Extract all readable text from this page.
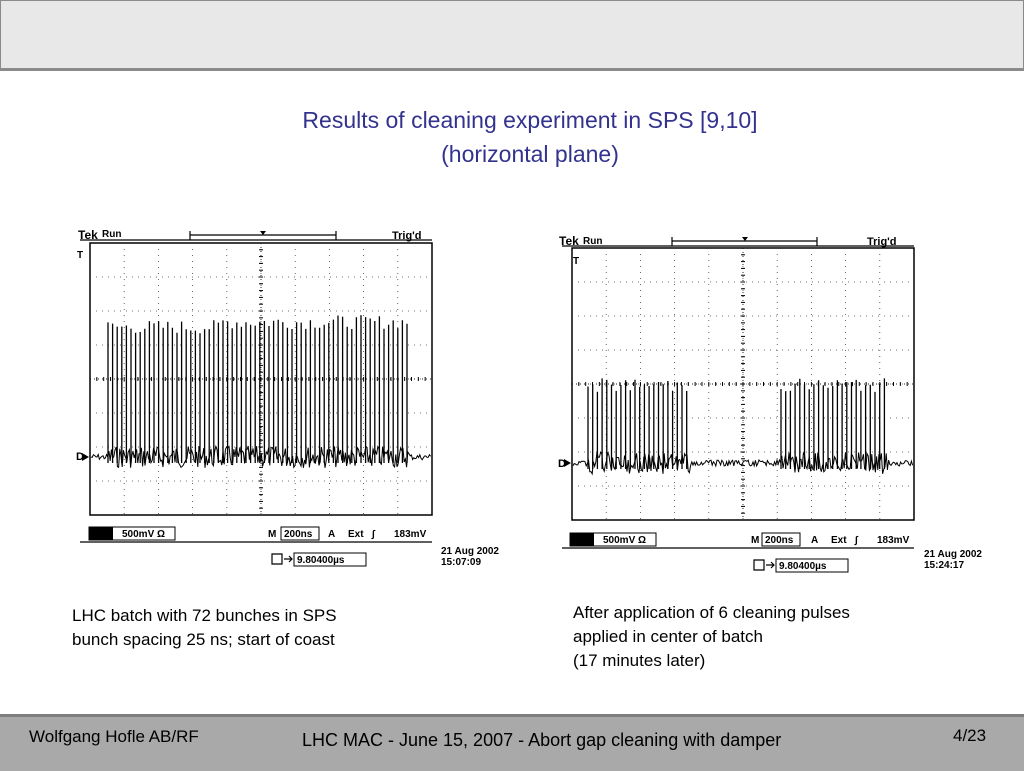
Results of cleaning experiment in SPS [9,10]
(horizontal plane)
Tek Run	Trig'd
T
D
Ch1 500mV Ω	M 200ns A Ext ∫ 183mV
9.80400µs
21 Aug 2002
15:07:09
Tek Run	Trig'd
T
D
Ch1 500mV Ω	M 200ns A Ext ∫ 183mV
9.80400µs
21 Aug 2002
15:24:17
LHC batch with 72 bunches in SPS
bunch spacing 25 ns; start of coast
After application of 6 cleaning pulses
applied in center of batch
(17 minutes later)
Wolfgang Hofle AB/RF	LHC MAC - June 15, 2007 - Abort gap cleaning with damper	4/23
